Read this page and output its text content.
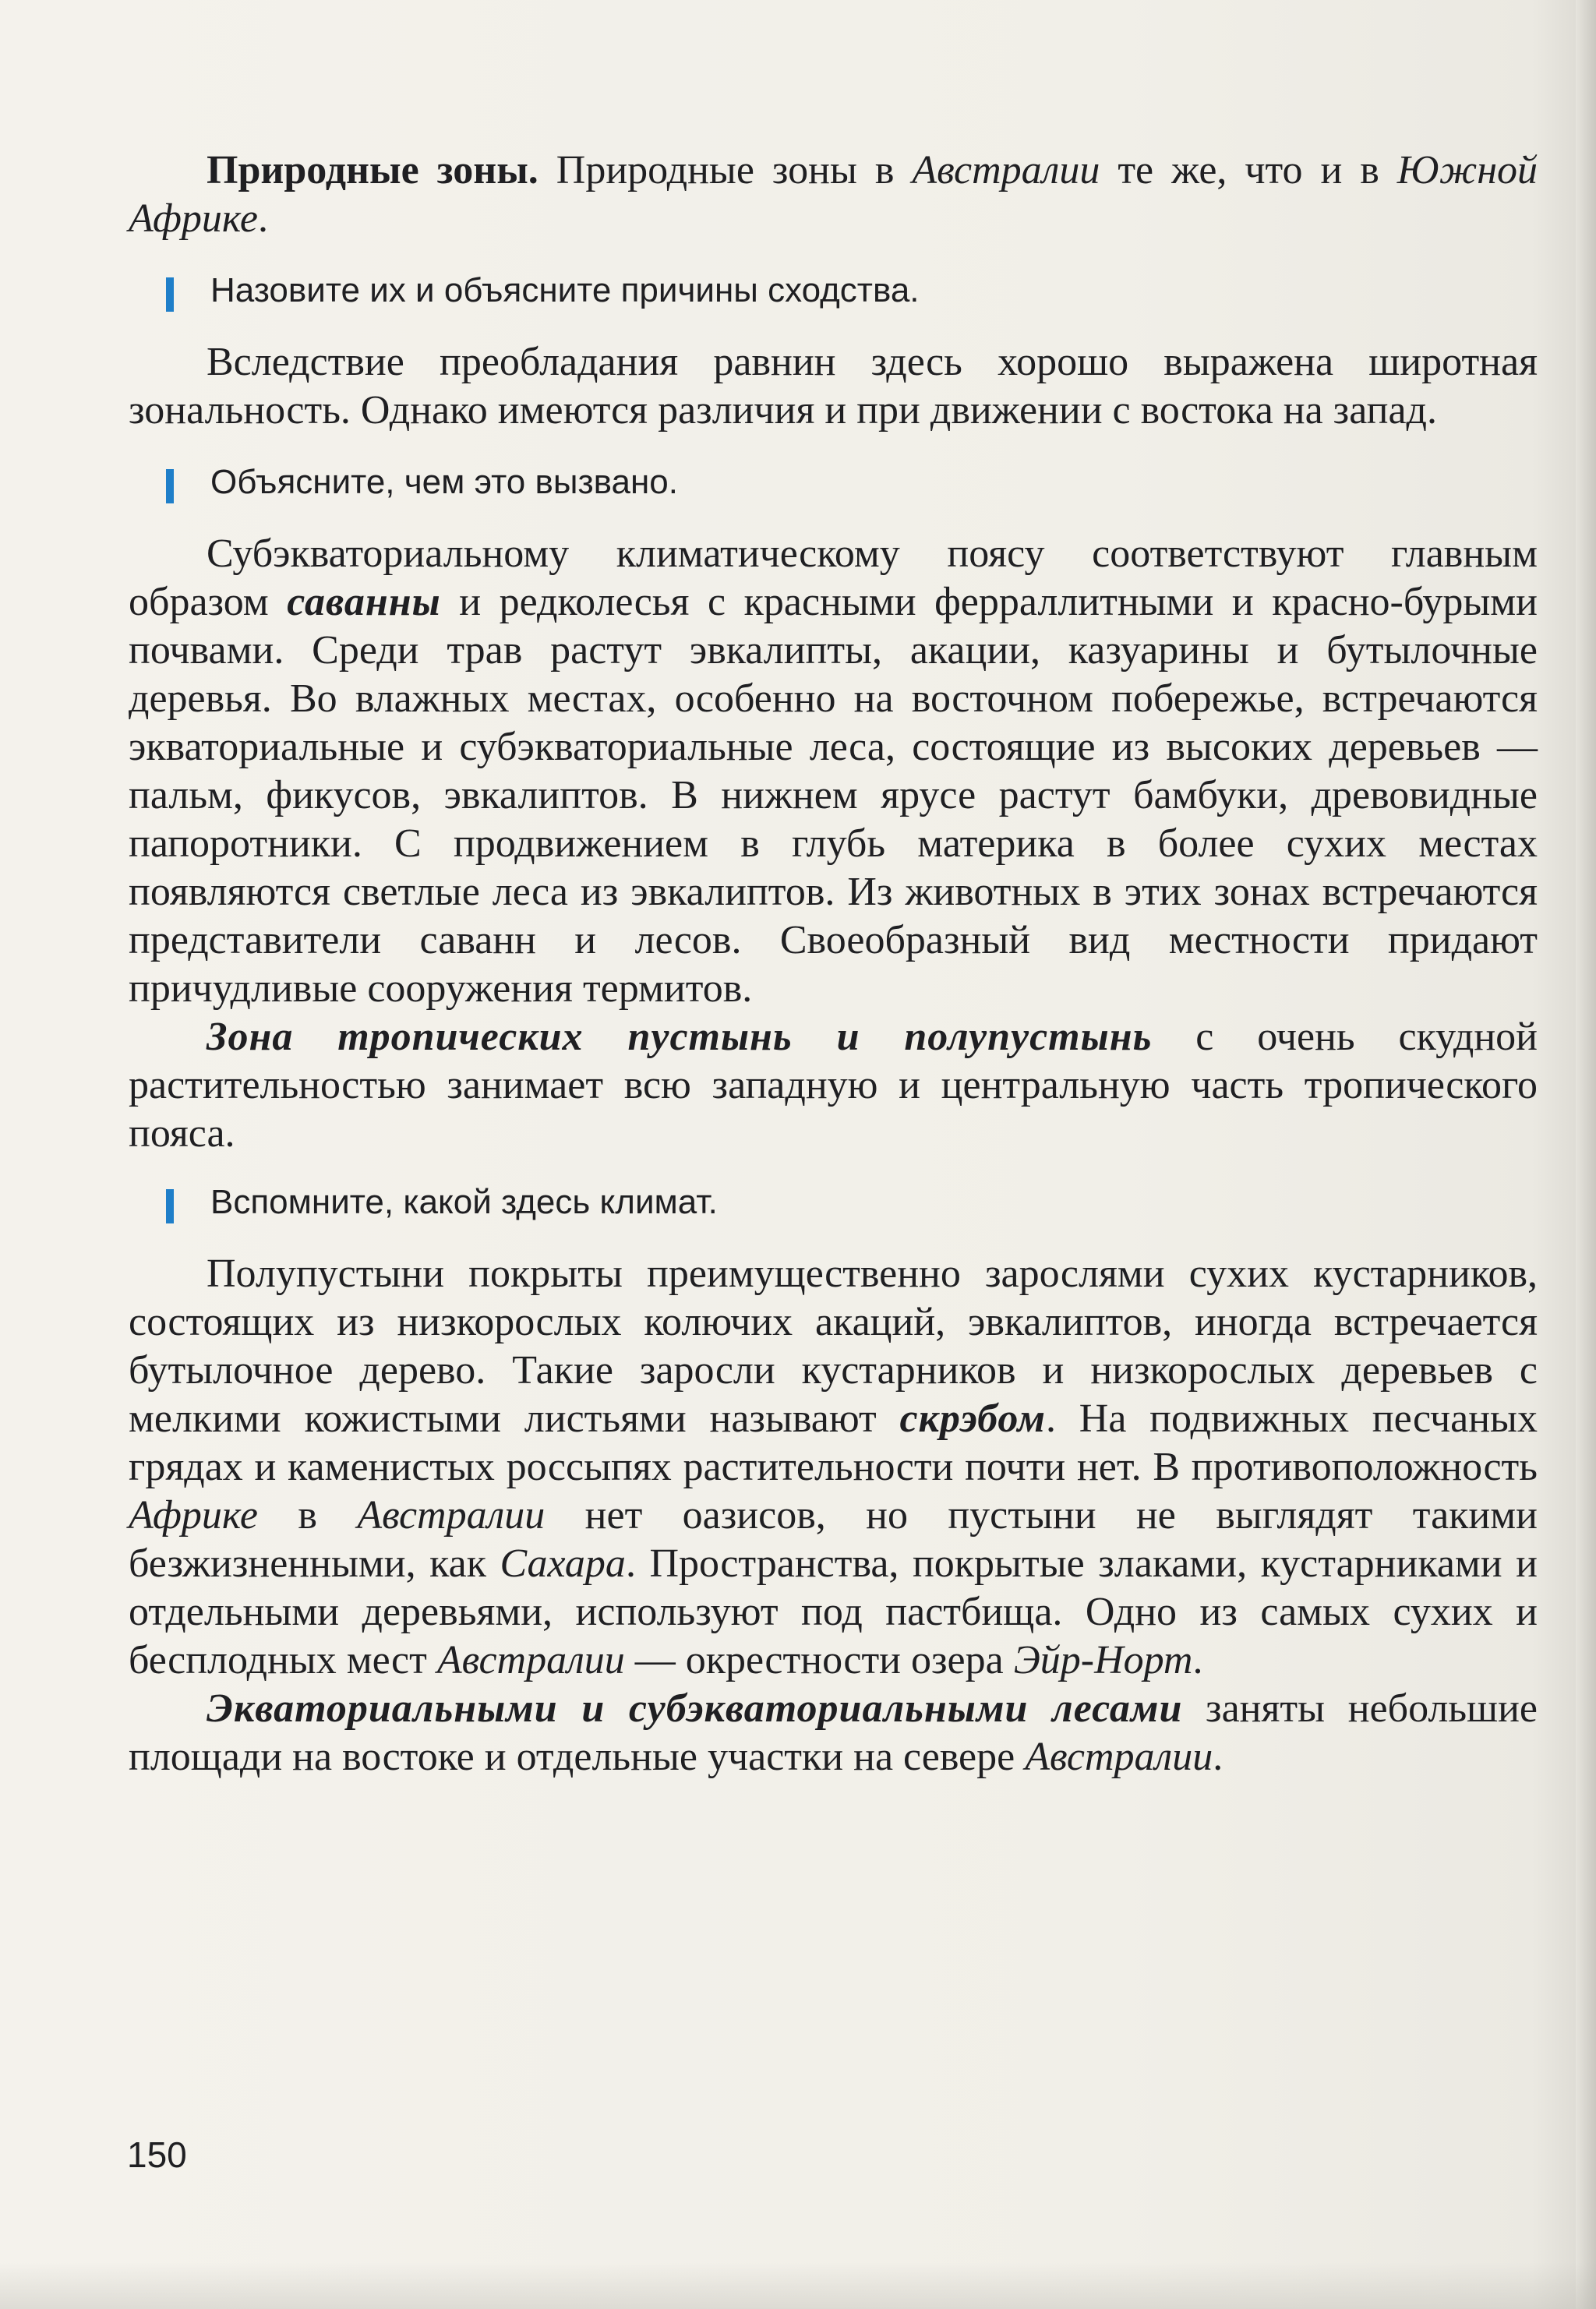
Природные зоны. Природные зоны в Австралии те же, что и в Южной Африке.

Назовите их и объясните причины сходства.

Вследствие преобладания равнин здесь хорошо выражена широтная зональность. Однако имеются различия и при движении с востока на запад.

Объясните, чем это вызвано.

Субэкваториальному климатическому поясу соответствуют главным образом саванны и редколесья с красными ферраллитными и красно-бурыми почвами. Среди трав растут эвкалипты, акации, казуарины и бутылочные деревья. Во влажных местах, особенно на восточном побережье, встречаются экваториальные и субэкваториальные леса, состоящие из высоких деревьев — пальм, фикусов, эвкалиптов. В нижнем ярусе растут бамбуки, древовидные папоротники. С продвижением в глубь материка в более сухих местах появляются светлые леса из эвкалиптов. Из животных в этих зонах встречаются представители саванн и лесов. Своеобразный вид местности придают причудливые сооружения термитов.

Зона тропических пустынь и полупустынь с очень скудной растительностью занимает всю западную и центральную часть тропического пояса.

Вспомните, какой здесь климат.

Полупустыни покрыты преимущественно зарослями сухих кустарников, состоящих из низкорослых колючих акаций, эвкалиптов, иногда встречается бутылочное дерево. Такие заросли кустарников и низкорослых деревьев с мелкими кожистыми листьями называют скрэбом. На подвижных песчаных грядах и каменистых россыпях растительности почти нет. В противоположность Африке в Австралии нет оазисов, но пустыни не выглядят такими безжизненными, как Сахара. Пространства, покрытые злаками, кустарниками и отдельными деревьями, используют под пастбища. Одно из самых сухих и бесплодных мест Австралии — окрестности озера Эйр-Норт.

Экваториальными и субэкваториальными лесами заняты небольшие площади на востоке и отдельные участки на севере Австралии.

150
